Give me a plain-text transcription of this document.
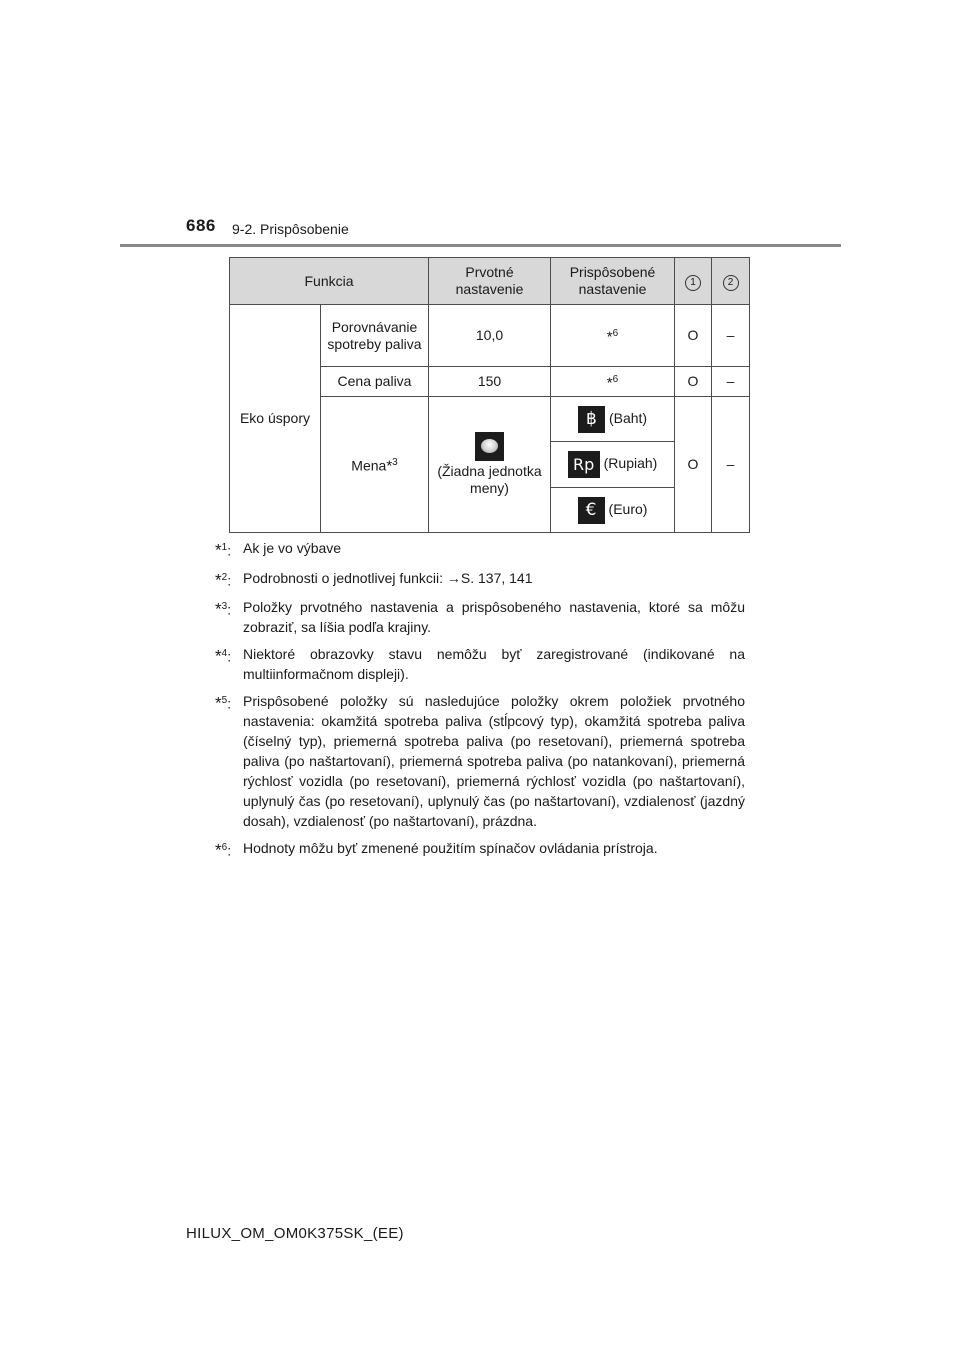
686 9-2. Prispôsobenie
Funkcia		Prvotné nastavenie	Prispôsobené nastavenie	1	2
Eko úspory	Porovnávanie spotreby paliva	10,0	*$^6$	O	–
	Cena paliva	150	*$^6$	O	–
	Mena*$^3$	(Žiadna jednotka meny)	฿ (Baht)	O	–
			Rp (Rupiah)		
			€ (Euro)		
*$^1$: Ak je vo výbave
*$^2$: Podrobnosti o jednotlivej funkcii: →S. 137, 141
*$^3$: Položky prvotného nastavenia a prispôsobeného nastavenia, ktoré sa môžu zobraziť, sa líšia podľa krajiny.
*$^4$: Niektoré obrazovky stavu nemôžu byť zaregistrované (indikované na multiinformačnom displeji).
*$^5$: Prispôsobené položky sú nasledujúce položky okrem položiek prvotného nastavenia: okamžitá spotreba paliva (stĺpcový typ), okamžitá spotreba paliva (číselný typ), priemerná spotreba paliva (po resetovaní), priemerná spotreba paliva (po naštartovaní), priemerná spotreba paliva (po natankovaní), priemerná rýchlosť vozidla (po resetovaní), priemerná rýchlosť vozidla (po naštartovaní), uplynulý čas (po resetovaní), uplynulý čas (po naštartovaní), vzdialenosť (jazdný dosah), vzdialenosť (po naštartovaní), prázdna.
*$^6$: Hodnoty môžu byť zmenené použitím spínačov ovládania prístroja.
HILUX_OM_OM0K375SK_(EE)
